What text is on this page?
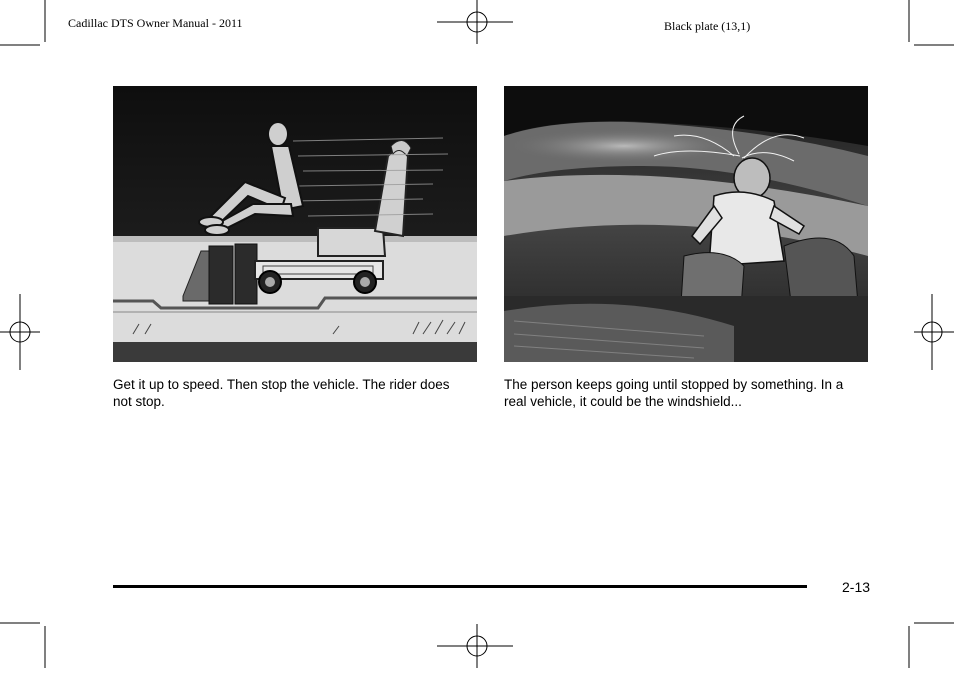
Cadillac DTS Owner Manual - 2011	Black plate (13,1)
Get it up to speed. Then stop the vehicle. The rider does not stop.
The person keeps going until stopped by something. In a real vehicle, it could be the windshield...
2-13
